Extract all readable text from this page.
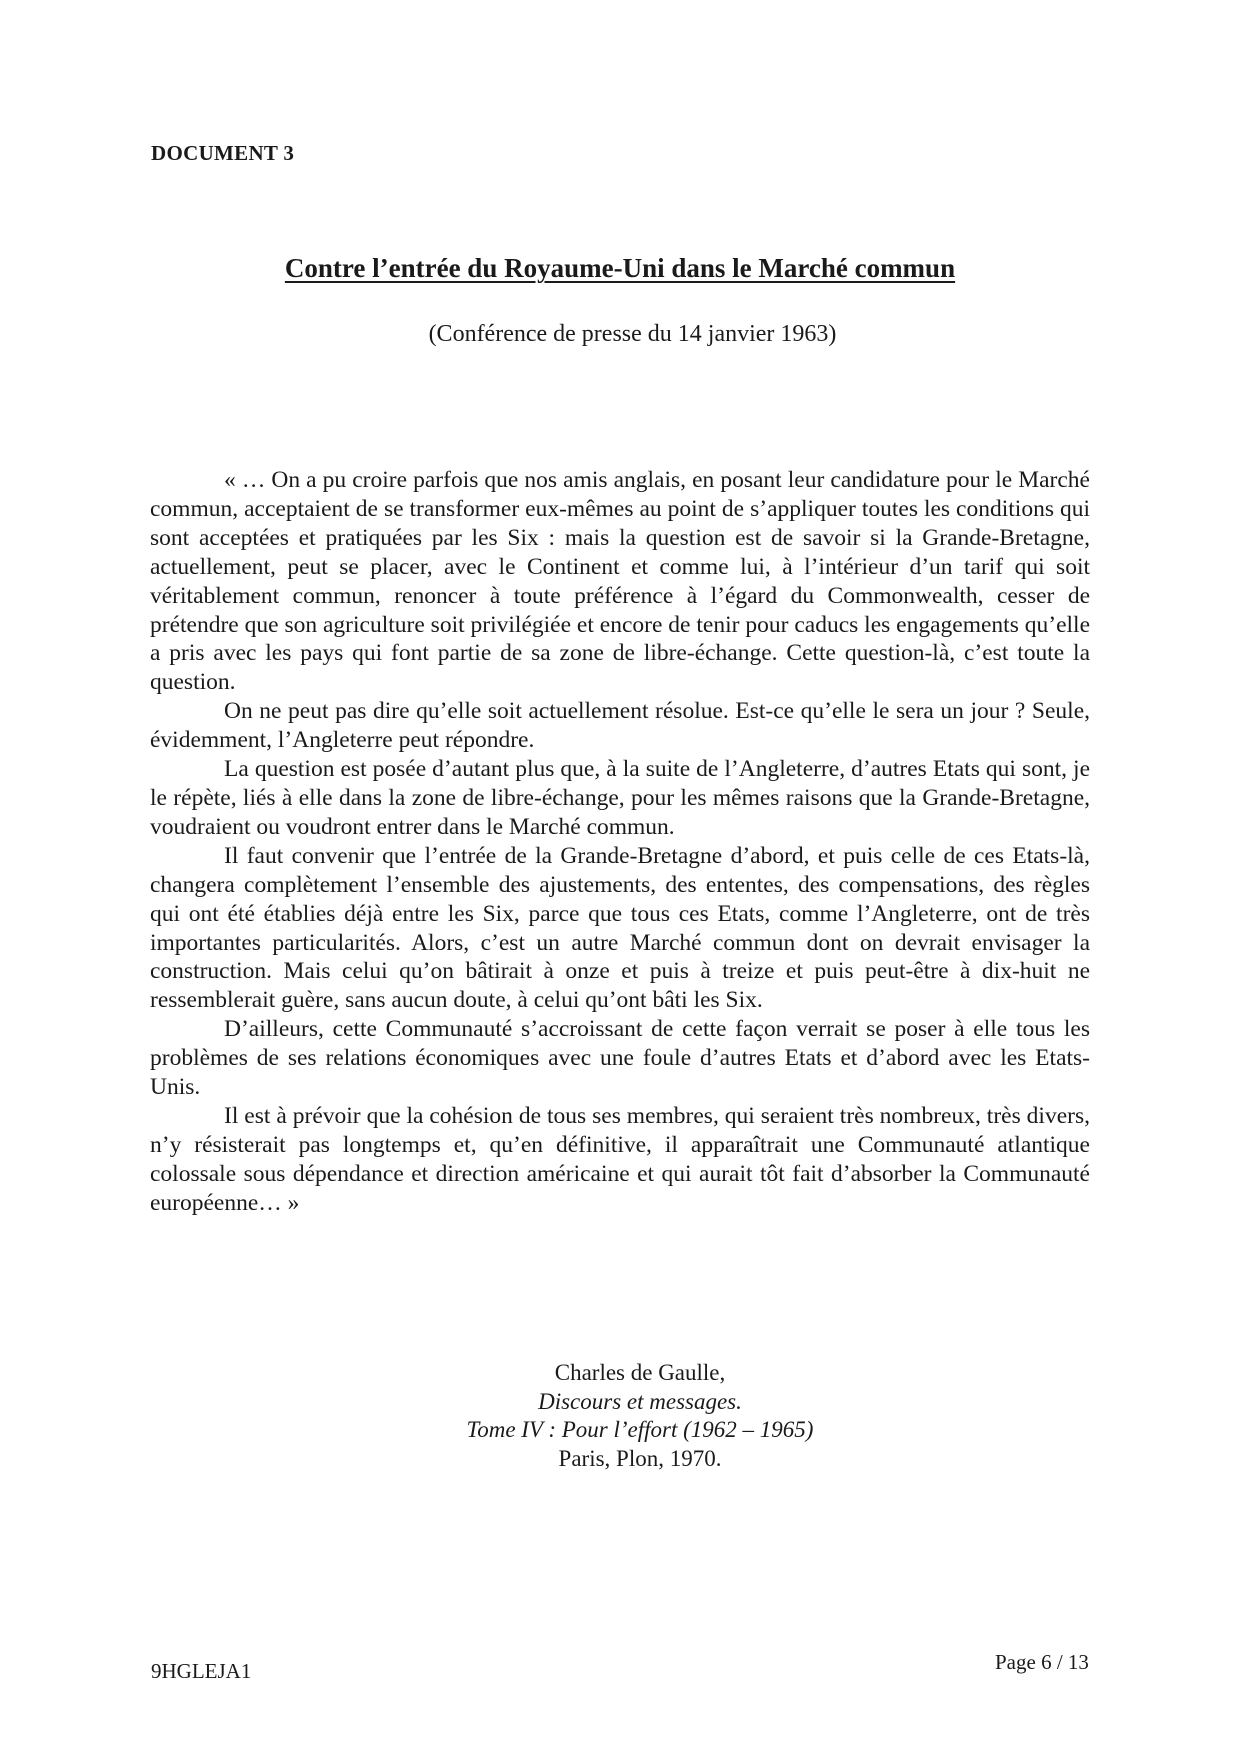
DOCUMENT 3
Contre l’entrée du Royaume-Uni dans le Marché commun
(Conférence de presse du 14 janvier 1963)

« … On a pu croire parfois que nos amis anglais, en posant leur candidature pour le Marché commun, acceptaient de se transformer eux-mêmes au point de s’appliquer toutes les conditions qui sont acceptées et pratiquées par les Six : mais la question est de savoir si la Grande-Bretagne, actuellement, peut se placer, avec le Continent et comme lui, à l’intérieur d’un tarif qui soit véritablement commun, renoncer à toute préférence à l’égard du Commonwealth, cesser de prétendre que son agriculture soit privilégiée et encore de tenir pour caducs les engagements qu’elle a pris avec les pays qui font partie de sa zone de libre-échange. Cette question-là, c’est toute la question.

On ne peut pas dire qu’elle soit actuellement résolue. Est-ce qu’elle le sera un jour ? Seule, évidemment, l’Angleterre peut répondre.

La question est posée d’autant plus que, à la suite de l’Angleterre, d’autres Etats qui sont, je le répète, liés à elle dans la zone de libre-échange, pour les mêmes raisons que la Grande-Bretagne, voudraient ou voudront entrer dans le Marché commun.

Il faut convenir que l’entrée de la Grande-Bretagne d’abord, et puis celle de ces Etats-là, changera complètement l’ensemble des ajustements, des ententes, des compensations, des règles qui ont été établies déjà entre les Six, parce que tous ces Etats, comme l’Angleterre, ont de très importantes particularités. Alors, c’est un autre Marché commun dont on devrait envisager la construction. Mais celui qu’on bâtirait à onze et puis à treize et puis peut-être à dix-huit ne ressemblerait guère, sans aucun doute, à celui qu’ont bâti les Six.

D’ailleurs, cette Communauté s’accroissant de cette façon verrait se poser à elle tous les problèmes de ses relations économiques avec une foule d’autres Etats et d’abord avec les Etats-Unis.

Il est à prévoir que la cohésion de tous ses membres, qui seraient très nombreux, très divers, n’y résisterait pas longtemps et, qu’en définitive, il apparaîtrait une Communauté atlantique colossale sous dépendance et direction américaine et qui aurait tôt fait d’absorber la Communauté européenne… »

Charles de Gaulle,
Discours et messages.
Tome IV : Pour l’effort (1962 – 1965)
Paris, Plon, 1970.
9HGLEJA1	Page 6 / 13
